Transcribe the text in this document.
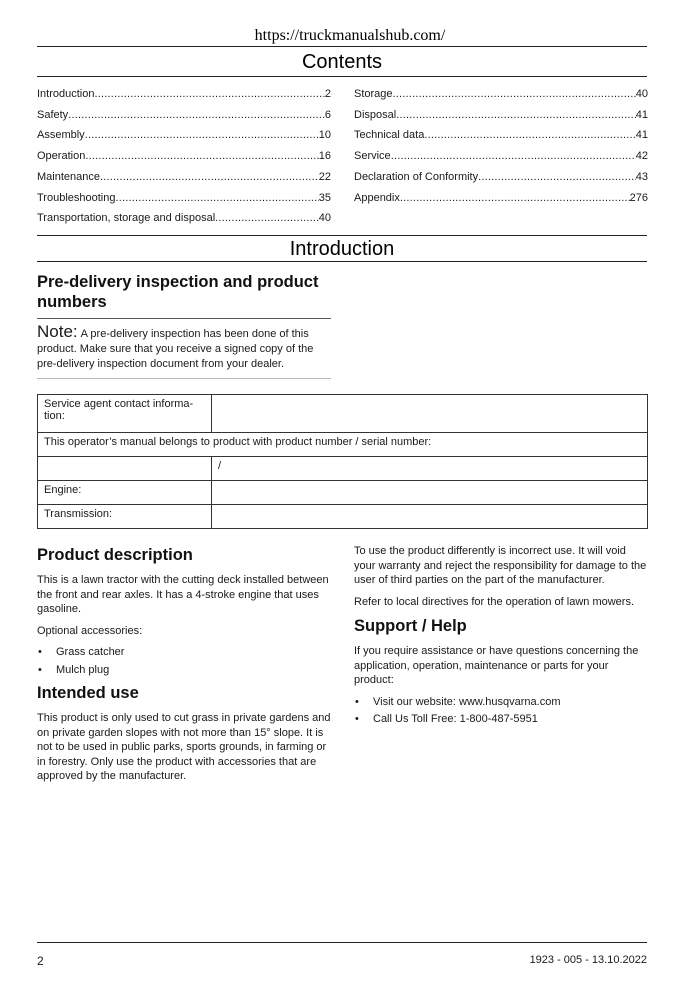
https://truckmanualshub.com/
Contents
Introduction .....	2
Safety .....	6
Assembly .....	10
Operation .....	16
Maintenance .....	22
Troubleshooting .....	35
Transportation, storage and disposal .....	40
Storage .....	40
Disposal .....	41
Technical data .....	41
Service .....	42
Declaration of Conformity .....	43
Appendix .....	276
Introduction
Pre-delivery inspection and product numbers

Note: A pre-delivery inspection has been done of this product. Make sure that you receive a signed copy of the pre-delivery inspection document from your dealer.

Service agent contact informa-tion:	
This operator’s manual belongs to product with product number / serial number:	
	/
Engine:	
Transmission:	
Product description

This is a lawn tractor with the cutting deck installed between the front and rear axles. It has a 4-stroke engine that uses gasoline.

Optional accessories:

• Grass catcher
• Mulch plug
Intended use

This product is only used to cut grass in private gardens and on private garden slopes with not more than 15° slope. It is not to be used in public parks, sports grounds, in farming or in forestry. Only use the product with accessories that are approved by the manufacturer.

To use the product differently is incorrect use. It will void your warranty and reject the responsibility for damage to the user of third parties on the part of the manufacturer.

Refer to local directives for the operation of lawn mowers.

Support / Help

If you require assistance or have questions concerning the application, operation, maintenance or parts for your product:

• Visit our website: www.husqvarna.com
• Call Us Toll Free: 1-800-487-5951
2	1923 - 005 - 13.10.2022
